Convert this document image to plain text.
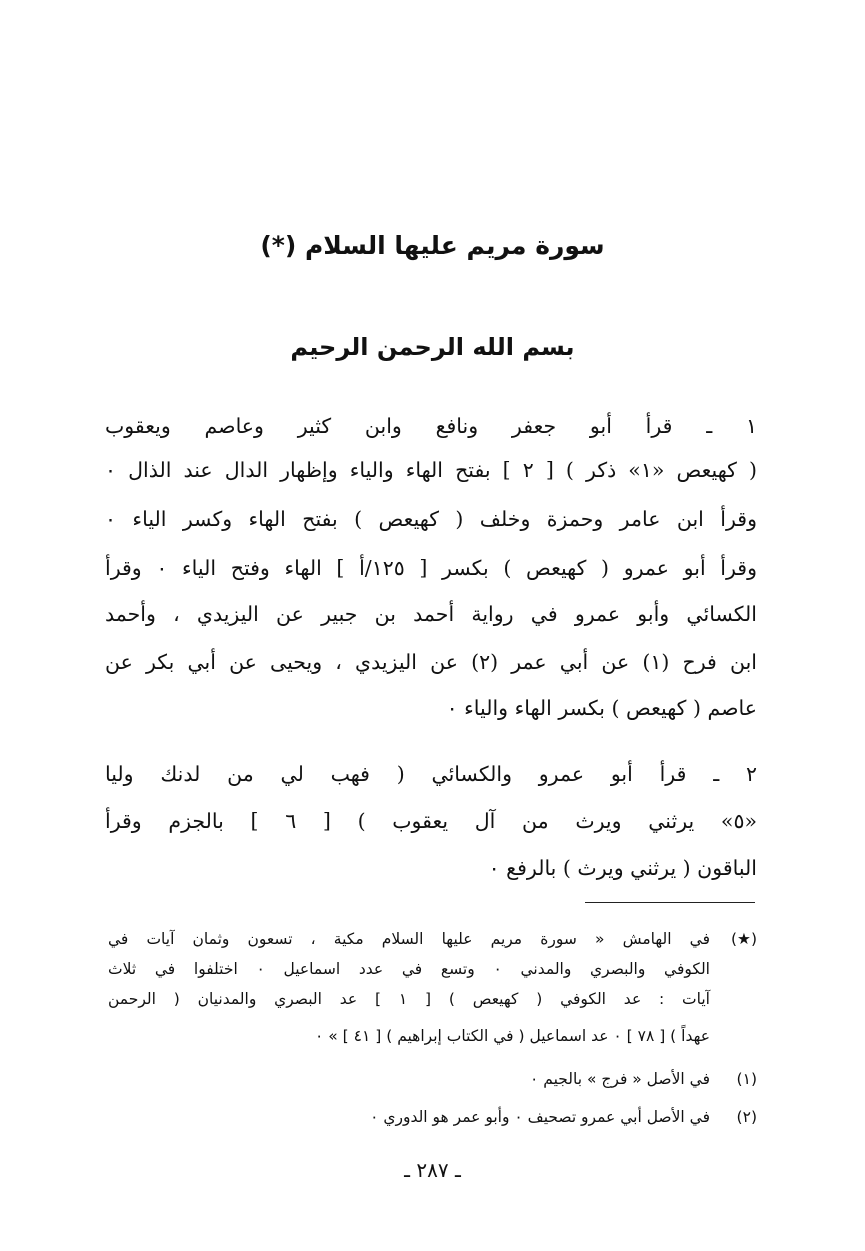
سورة مريم عليها السلام (*)
بسم الله الرحمن الرحيم
١ ـ قرأ أبو جعفر ونافع وابن كثير وعاصم ويعقوب
( كهيعص «١» ذكر ) [ ٢ ] بفتح الهاء والياء وإظهار الدال عند الذال ٠
وقرأ ابن عامر وحمزة وخلف ( كهيعص ) بفتح الهاء وكسر الياء ٠
وقرأ أبو عمرو ( كهيعص ) بكسر [ ١٢٥/أ ] الهاء وفتح الياء ٠ وقرأ
الكسائي وأبو عمرو في رواية أحمد بن جبير عن اليزيدي ، وأحمد
ابن فرح (١) عن أبي عمر (٢) عن اليزيدي ، ويحيى عن أبي بكر عن
عاصم ( كهيعص ) بكسر الهاء والياء ٠
٢ ـ قرأ أبو عمرو والكسائي ( فهب لي من لدنك وليا
«٥» يرثني ويرث من آل يعقوب ) [ ٦ ] بالجزم وقرأ
الباقون ( يرثني ويرث ) بالرفع ٠
(★)
في الهامش « سورة مريم عليها السلام مكية ، تسعون وثمان آيات في
الكوفي والبصري والمدني ٠ وتسع في عدد اسماعيل ٠ اختلفوا في ثلاث
آيات : عد الكوفي ( كهيعص ) [ ١ ] عد البصري والمدنيان ( الرحمن
عهداً ) [ ٧٨ ] ٠ عد اسماعيل ( في الكتاب إبراهيم ) [ ٤١ ] » ٠
(١)
في الأصل « فرج » بالجيم ٠
(٢)
في الأصل أبي عمرو تصحيف ٠ وأبو عمر هو الدوري ٠
ـ ٢٨٧ ـ
